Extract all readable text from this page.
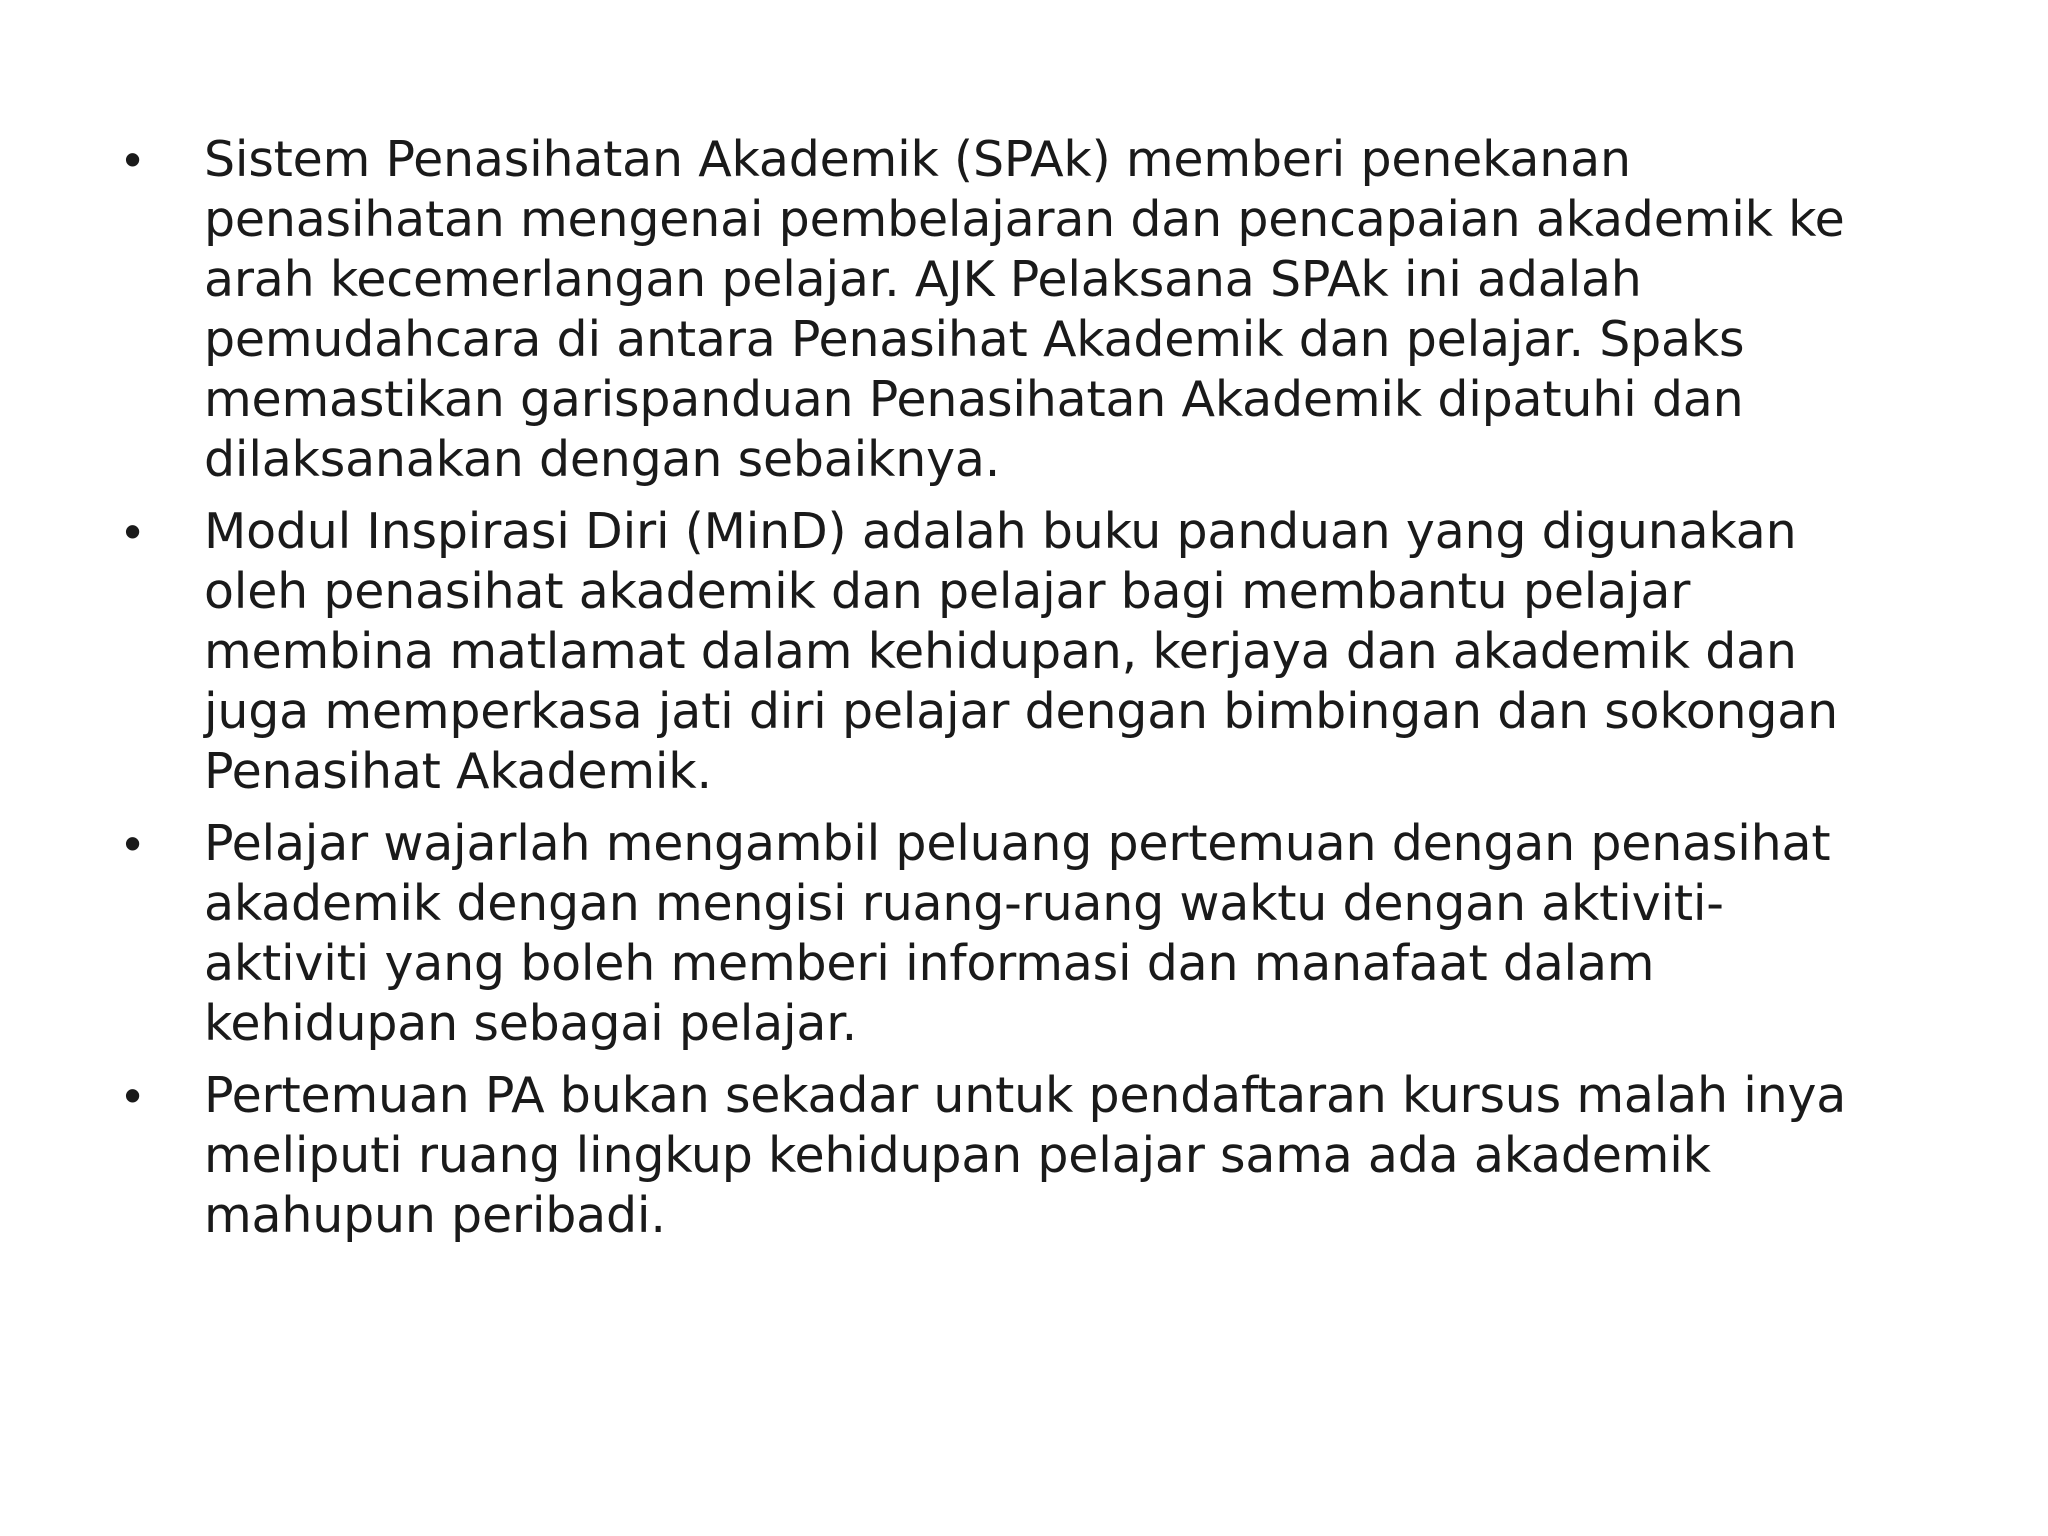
•	Sistem Penasihatan Akademik (SPAk) memberi penekanan
penasihatan mengenai pembelajaran dan pencapaian akademik ke
arah kecemerlangan pelajar. AJK Pelaksana SPAk ini adalah
pemudahcara di antara Penasihat Akademik dan pelajar. Spaks
memastikan garispanduan Penasihatan Akademik dipatuhi dan
dilaksanakan dengan sebaiknya.
•	Modul Inspirasi Diri (MinD) adalah buku panduan yang digunakan
oleh penasihat akademik dan pelajar bagi membantu pelajar
membina matlamat dalam kehidupan, kerjaya dan akademik dan
juga memperkasa jati diri pelajar dengan bimbingan dan sokongan
Penasihat Akademik.
•	Pelajar wajarlah mengambil peluang pertemuan dengan penasihat
akademik dengan mengisi ruang-ruang waktu dengan aktiviti-
aktiviti yang boleh memberi informasi dan manafaat dalam
kehidupan sebagai pelajar.
•	Pertemuan PA bukan sekadar untuk pendaftaran kursus malah inya
meliputi ruang lingkup kehidupan pelajar sama ada akademik
mahupun peribadi.
